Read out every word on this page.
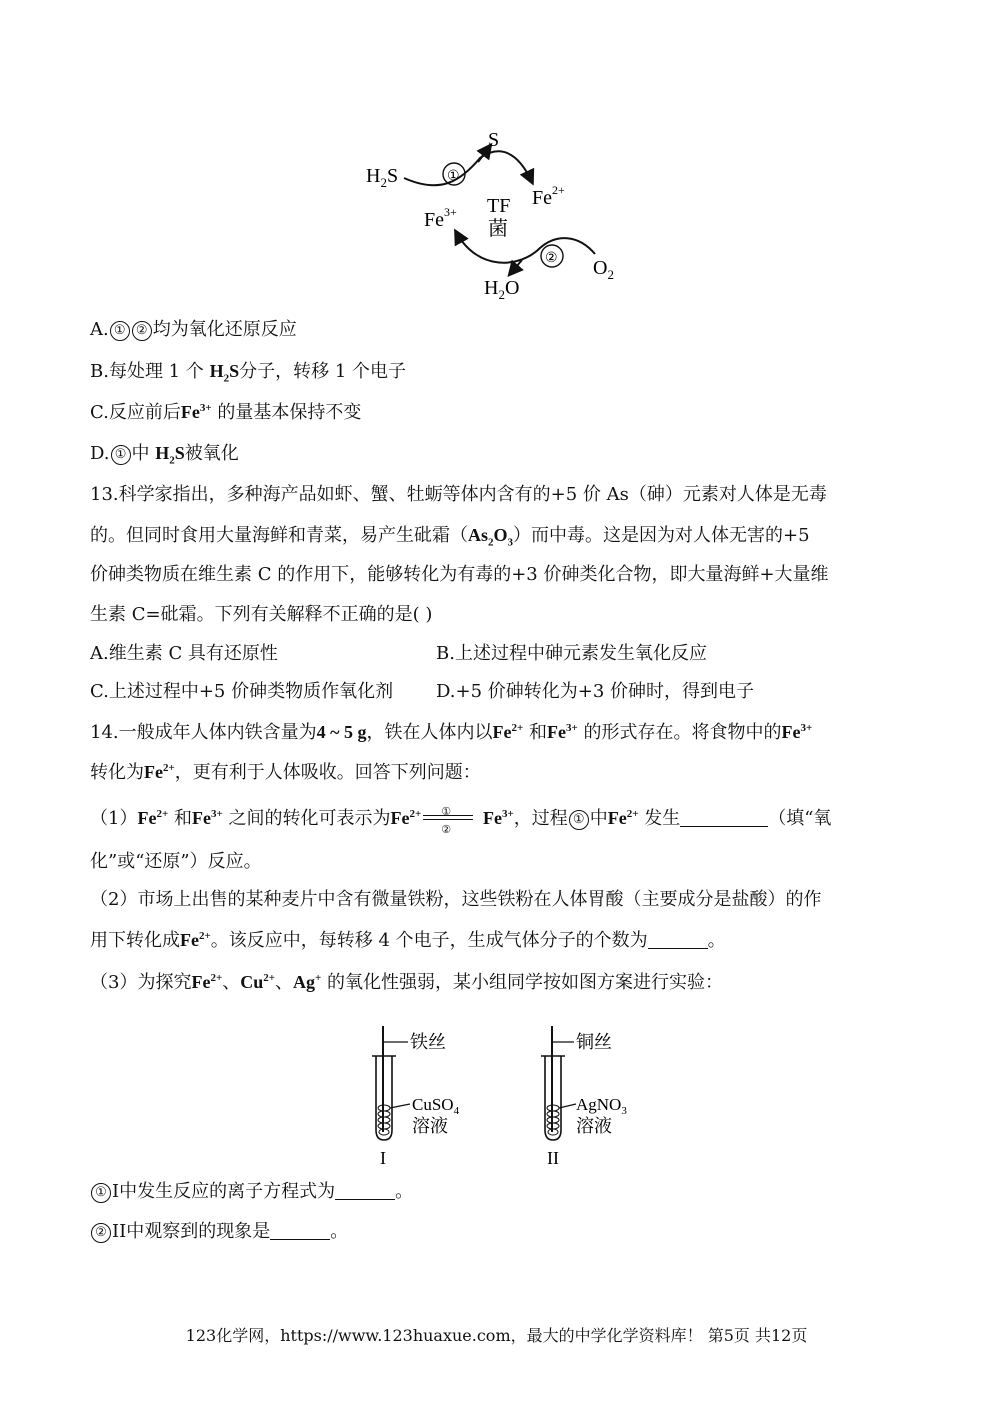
$H_2S$
S
TF
菌
$Fe^{2+}$
$Fe^{3+}$
$O_2$
$H_2O$
①
②
A. ① ② 均为氧化还原反应
B.每处理 1 个 $H_2S$分子，转移 1 个电子
C.反应前后$Fe^{3+}$ 的量基本保持不变
D. ① 中 $H_2S$被氧化
13.科学家指出，多种海产品如虾、蟹、牡蛎等体内含有的+5 价 As（砷）元素对人体是无毒
的。但同时食用大量海鲜和青菜，易产生砒霜$(As_2O_3)$而中毒。这是因为对人体无害的+5
价砷类物质在维生素 C 的作用下，能够转化为有毒的+3 价砷类化合物，即大量海鲜+大量维
生素 C=砒霜。下列有关解释不正确的是( )
A.维生素 C 具有还原性	B.上述过程中砷元素发生氧化反应
C.上述过程中+5 价砷类物质作氧化剂 D.+5 价砷转化为+3 价砷时，得到电子
14.一般成年人体内铁含量为4 ~ 5 g，铁在人体内以$Fe^{2+}$ 和$Fe^{3+}$ 的形式存在。将食物中的$Fe^{3+}$
转化为$Fe^{2+}$，更有利于人体吸收。回答下列问题：
$(1)Fe^{2+}$ 和$Fe^{3+}$ 之间的转化可表示为$Fe^{2+}$ ①
②
$Fe^{3+}$，过程 ① 中$Fe^{2+}$ 发生	（填“氧
化”或“还原”）反应。
（2）市场上出售的某种麦片中含有微量铁粉，这些铁粉在人体胃酸（主要成分是盐酸）的作
用下转化成$Fe^{2+}$。该反应中，每转移 4 个电子，生成气体分子的个数为	。
（3）为探究$Fe^{2+}$、$Cu^{2+}$、Ag+ 的氧化性强弱，某小组同学按如图方案进行实验：
铁丝
CuSO$_4$
溶液
I
铜丝
AgNO$_3$
溶液
II
① I中发生反应的离子方程式为	。
② II中观察到的现象是	。
123化学网，https://www.123huaxue.com，最大的中学化学资料库！ 第5页 共12页
